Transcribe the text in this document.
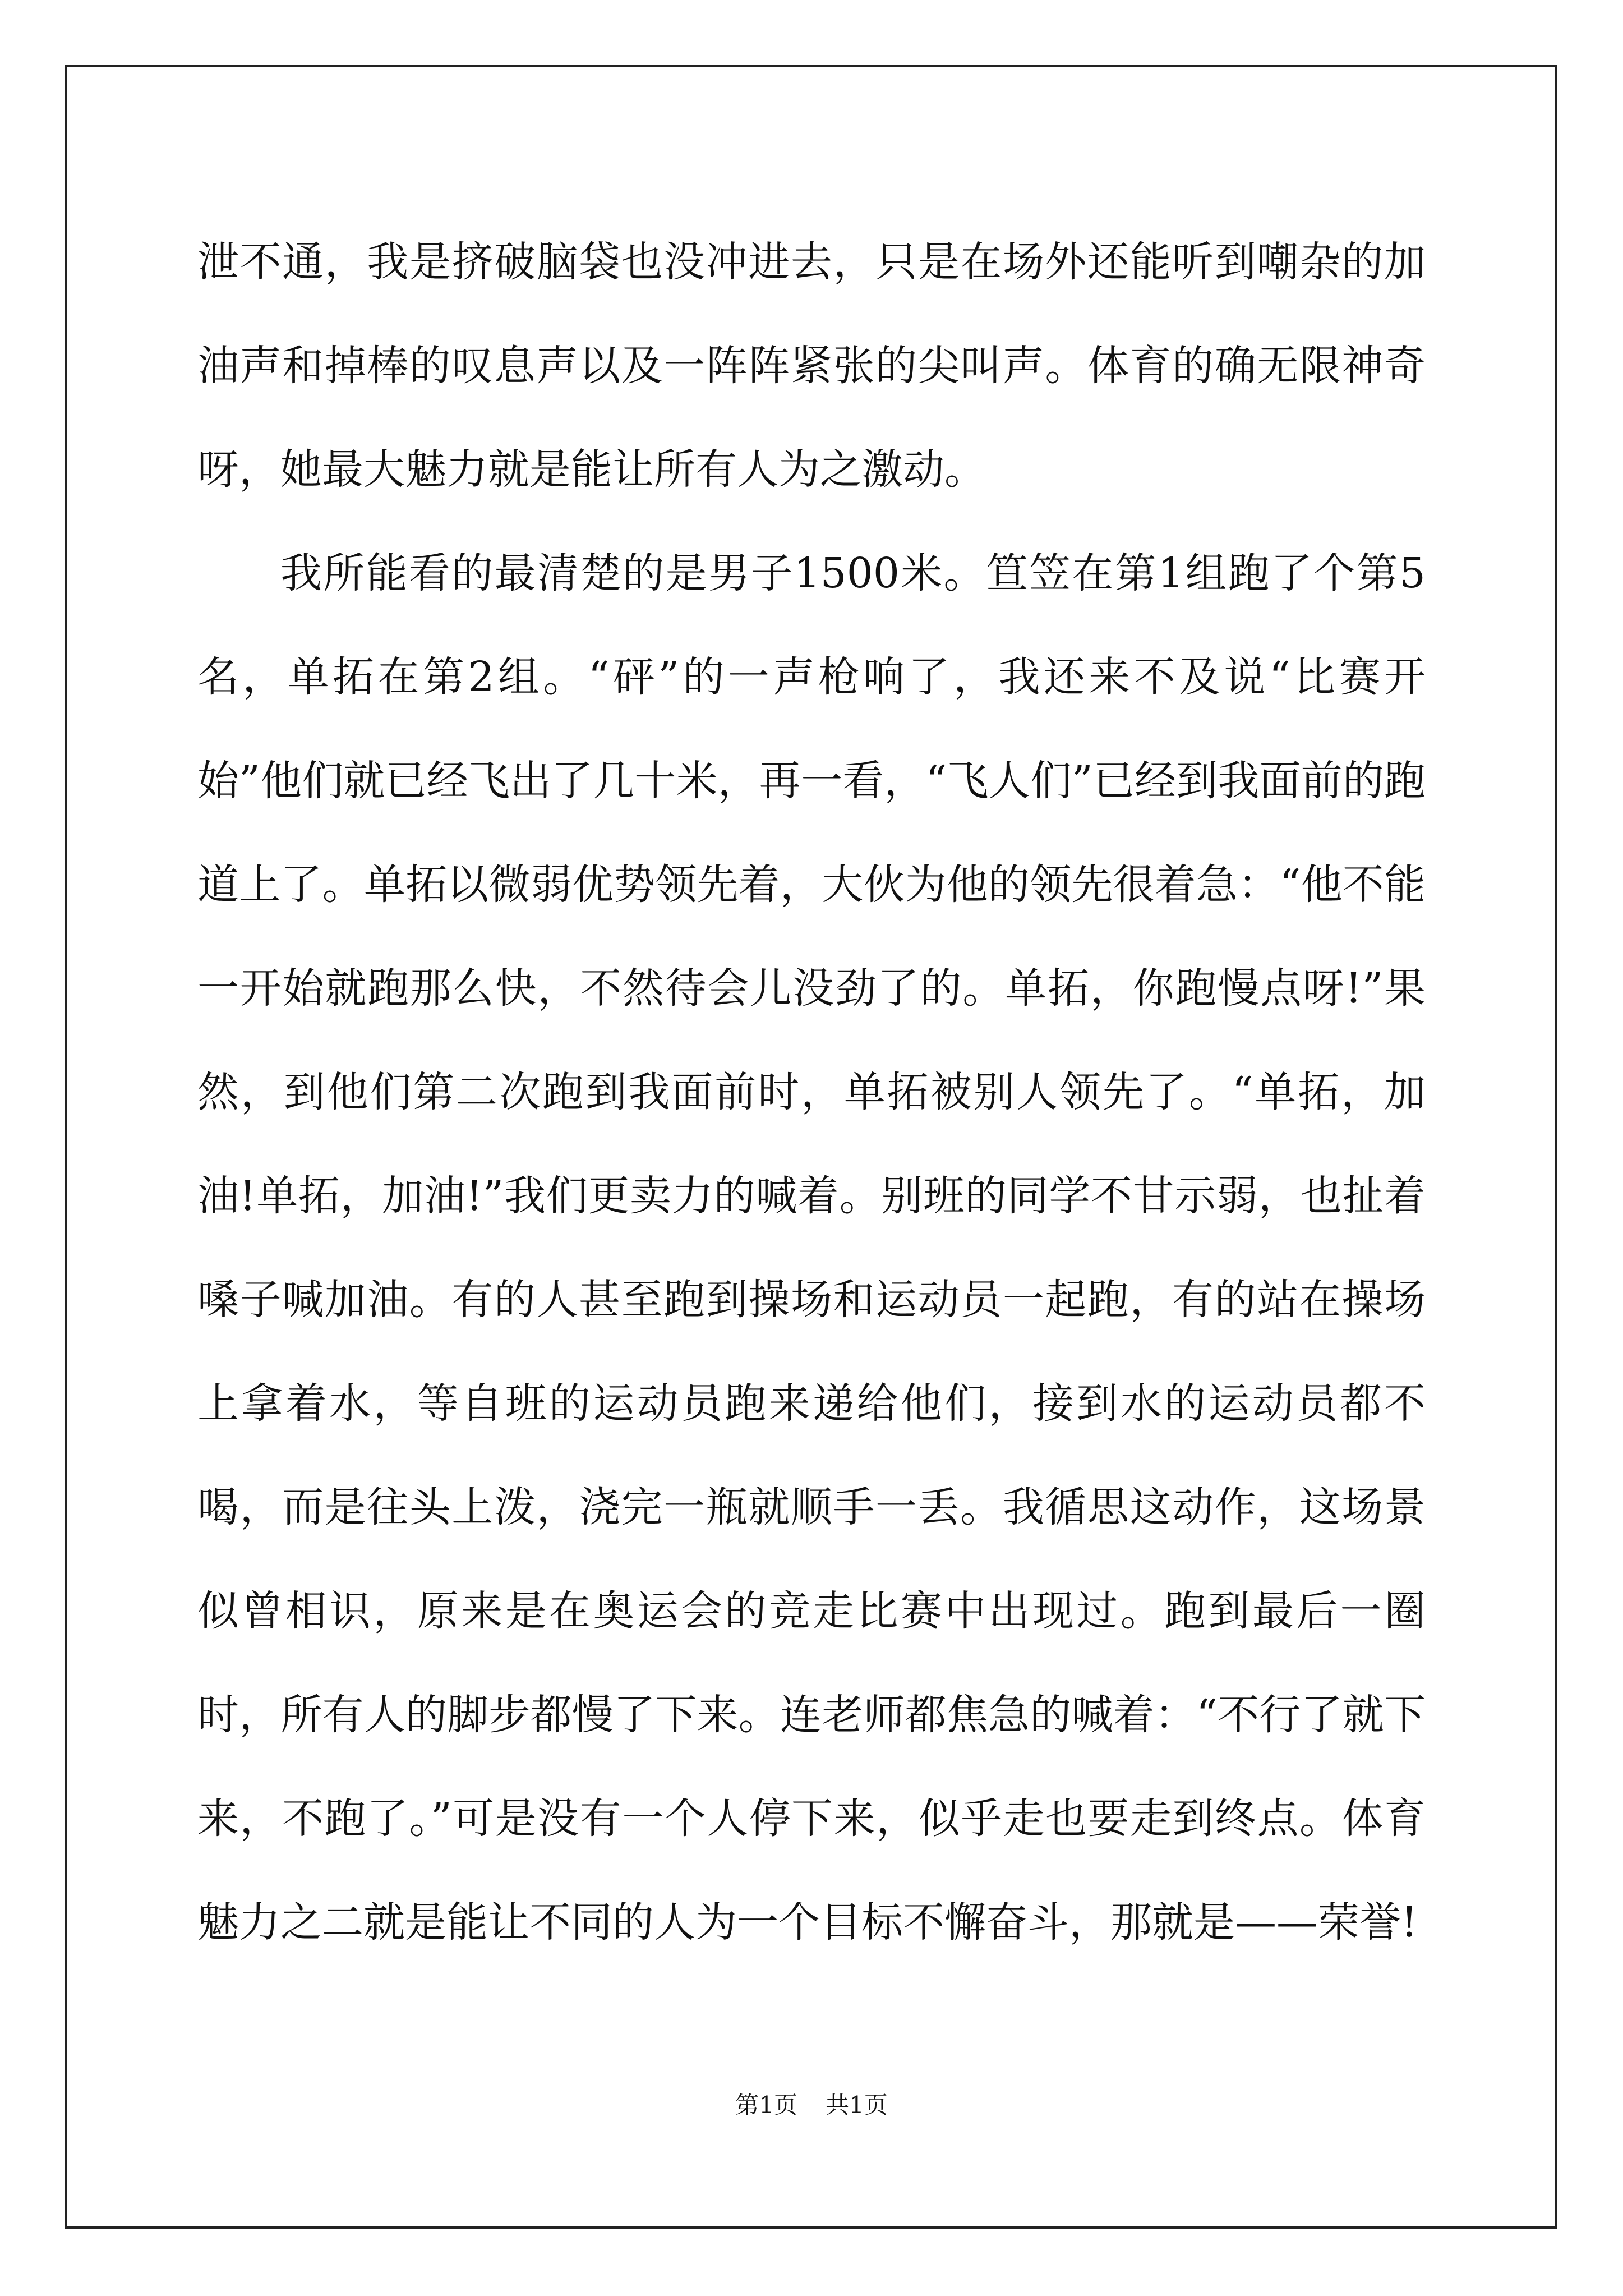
泄不通，我是挤破脑袋也没冲进去，只是在场外还能听到嘲杂的加油声和掉棒的叹息声以及一阵阵紧张的尖叫声。体育的确无限神奇呀，她最大魅力就是能让所有人为之激动。

我所能看的最清楚的是男子1500米。笪笠在第1组跑了个第5名，单拓在第2组。“砰”的一声枪响了，我还来不及说“比赛开始”他们就已经飞出了几十米，再一看，“飞人们”已经到我面前的跑道上了。单拓以微弱优势领先着，大伙为他的领先很着急：“他不能一开始就跑那么快，不然待会儿没劲了的。单拓，你跑慢点呀!”果然，到他们第二次跑到我面前时，单拓被别人领先了。“单拓，加油!单拓，加油!”我们更卖力的喊着。别班的同学不甘示弱，也扯着嗓子喊加油。有的人甚至跑到操场和运动员一起跑，有的站在操场上拿着水，等自班的运动员跑来递给他们，接到水的运动员都不喝，而是往头上泼，浇完一瓶就顺手一丢。我循思这动作，这场景似曾相识，原来是在奥运会的竞走比赛中出现过。跑到最后一圈时，所有人的脚步都慢了下来。连老师都焦急的喊着：“不行了就下来，不跑了。”可是没有一个人停下来，似乎走也要走到终点。体育魅力之二就是能让不同的人为一个目标不懈奋斗，那就是——荣誉!

第1页 共1页
